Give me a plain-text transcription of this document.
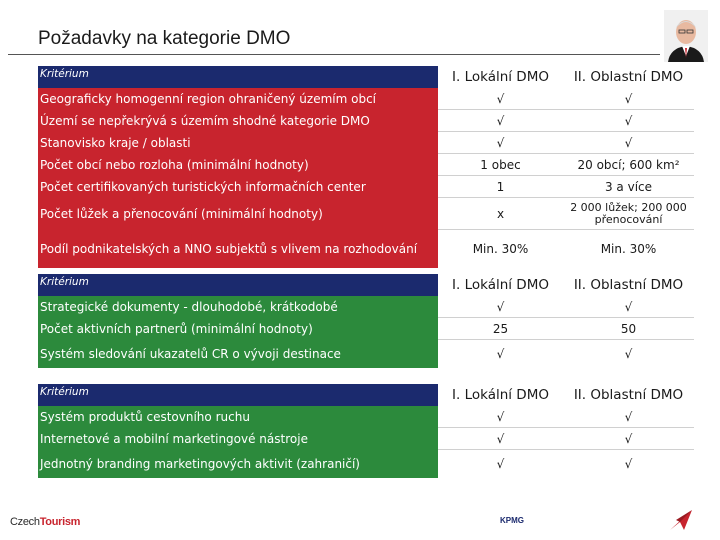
Požadavky na kategorie DMO
Kritérium	I. Lokální DMO	II. Oblastní DMO
Geograficky homogenní region ohraničený územím obcí	√	√
Území se nepřekrývá s územím shodné kategorie DMO	√	√
Stanovisko kraje / oblasti	√	√
Počet obcí nebo rozloha (minimální hodnoty)	1 obec	20 obcí; 600 km²
Počet certifikovaných turistických informačních center	1	3 a více
Počet lůžek a přenocování (minimální hodnoty)	x	2 000 lůžek; 200 000 přenocování
Podíl podnikatelských a NNO subjektů s vlivem na rozhodování	Min. 30%	Min. 30%
Kritérium	I. Lokální DMO	II. Oblastní DMO
Strategické dokumenty - dlouhodobé, krátkodobé	√	√
Počet aktivních partnerů (minimální hodnoty)	25	50
Systém sledování ukazatelů CR o vývoji destinace	√	√
Kritérium	I. Lokální DMO	II. Oblastní DMO
Systém produktů cestovního ruchu	√	√
Internetové a mobilní marketingové nástroje	√	√
Jednotný branding marketingových aktivit (zahraničí)	√	√
CzechTourism	KPMG
